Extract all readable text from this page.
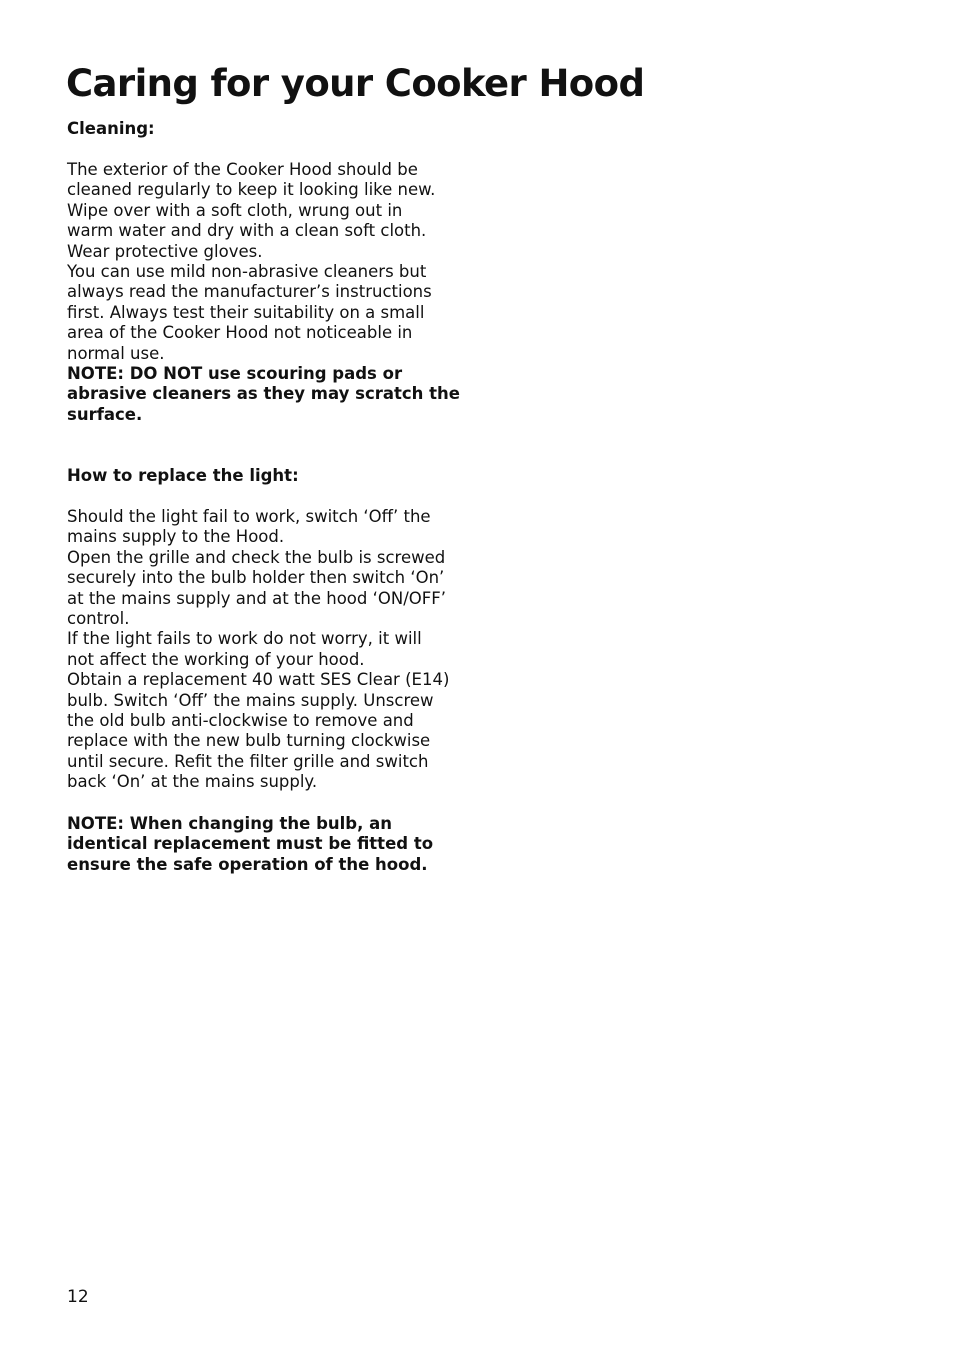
Caring for your Cooker Hood

Cleaning:

The exterior of the Cooker Hood should be
cleaned regularly to keep it looking like new.
Wipe over with a soft cloth, wrung out in
warm water and dry with a clean soft cloth.
Wear protective gloves.

You can use mild non-abrasive cleaners but
always read the manufacturer’s instructions
first. Always test their suitability on a small
area of the Cooker Hood not noticeable in
normal use.

NOTE: DO NOT use scouring pads or
abrasive cleaners as they may scratch the
surface.

How to replace the light:

Should the light fail to work, switch ‘Off’ the
mains supply to the Hood.

Open the grille and check the bulb is screwed
securely into the bulb holder then switch ‘On’
at the mains supply and at the hood ‘ON/OFF’
control.

If the light fails to work do not worry, it will
not affect the working of your hood.

Obtain a replacement 40 watt SES Clear (E14)
bulb. Switch ‘Off’ the mains supply. Unscrew
the old bulb anti-clockwise to remove and
replace with the new bulb turning clockwise
until secure. Refit the filter grille and switch
back ‘On’ at the mains supply.

NOTE: When changing the bulb, an
identical replacement must be fitted to
ensure the safe operation of the hood.

12
